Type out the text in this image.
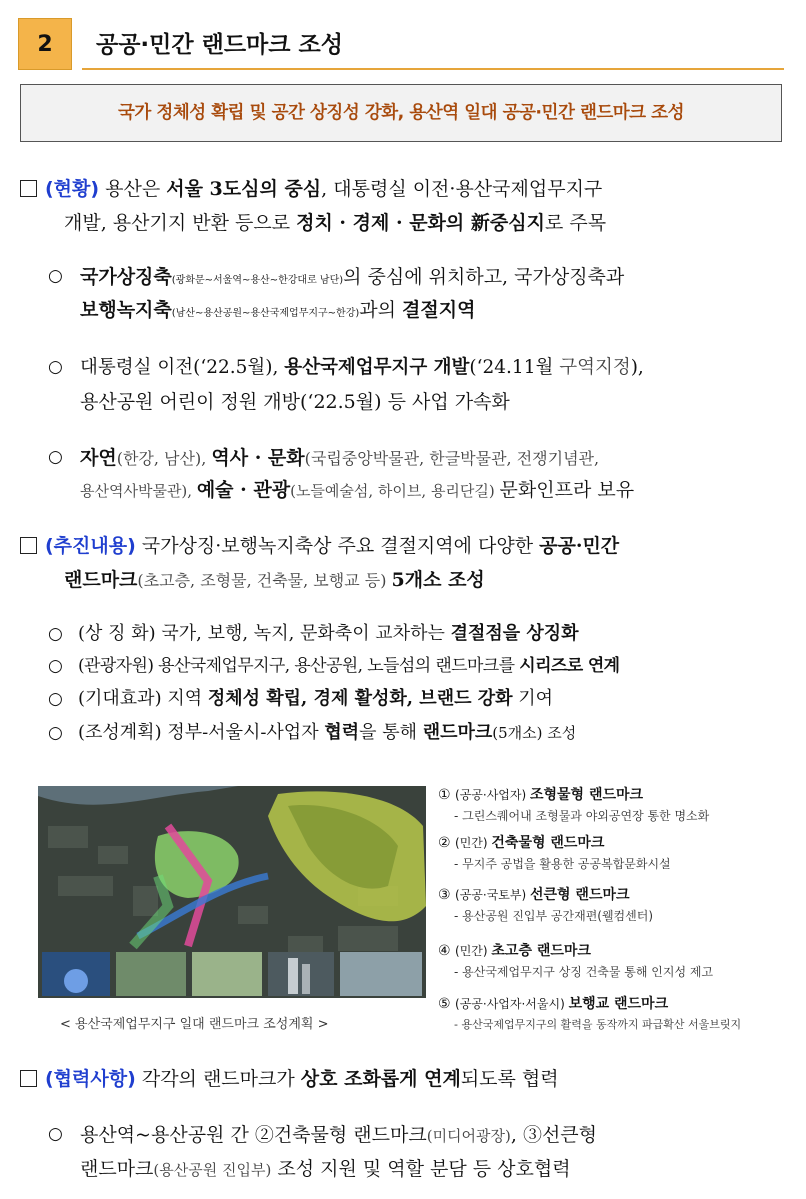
2	공공·민간 랜드마크 조성
국가 정체성 확립 및 공간 상징성 강화, 용산역 일대 공공·민간 랜드마크 조성
(현황) 용산은 서울 3도심의 중심, 대통령실 이전·용산국제업무지구
개발, 용산기지 반환 등으로 정치 · 경제 · 문화의 新중심지로 주목
○ 국가상징축(광화문~서울역~용산~한강대로 남단)의 중심에 위치하고, 국가상징축과
보행녹지축(남산~용산공원~용산국제업무지구~한강)과의 결절지역
○ 대통령실 이전(‘22.5월), 용산국제업무지구 개발(‘24.11월 구역지정),
용산공원 어린이 정원 개방(‘22.5월) 등 사업 가속화
○ 자연(한강, 남산), 역사 · 문화(국립중앙박물관, 한글박물관, 전쟁기념관,
용산역사박물관), 예술 · 관광(노들예술섬, 하이브, 용리단길) 문화인프라 보유
(추진내용) 국가상징·보행녹지축상 주요 결절지역에 다양한 공공·민간
랜드마크(초고층, 조형물, 건축물, 보행교 등) 5개소 조성
○ (상 징 화) 국가, 보행, 녹지, 문화축이 교차하는 결절점을 상징화
○ (관광자원) 용산국제업무지구, 용산공원, 노들섬의 랜드마크를 시리즈로 연계
○ (기대효과) 지역 정체성 확립, 경제 활성화, 브랜드 강화 기여
○ (조성계획) 정부-서울시-사업자 협력을 통해 랜드마크(5개소) 조성
< 용산국제업무지구 일대 랜드마크 조성계획 >
① (공공·사업자) 조형물형 랜드마크
- 그린스퀘어내 조형물과 야외공연장 통한 명소화
② (민간) 건축물형 랜드마크
- 무지주 공법을 활용한 공공복합문화시설
③ (공공·국토부) 선큰형 랜드마크
- 용산공원 진입부 공간재편(웰컴센터)
④ (민간) 초고층 랜드마크
- 용산국제업무지구 상징 건축물 통해 인지성 제고
⑤ (공공·사업자·서울시) 보행교 랜드마크
- 용산국제업무지구의 활력을 동작까지 파급확산 서울브릿지
(협력사항) 각각의 랜드마크가 상호 조화롭게 연계되도록 협력
○ 용산역~용산공원 간 ②건축물형 랜드마크(미디어광장), ③선큰형
랜드마크(용산공원 진입부) 조성 지원 및 역할 분담 등 상호협력
